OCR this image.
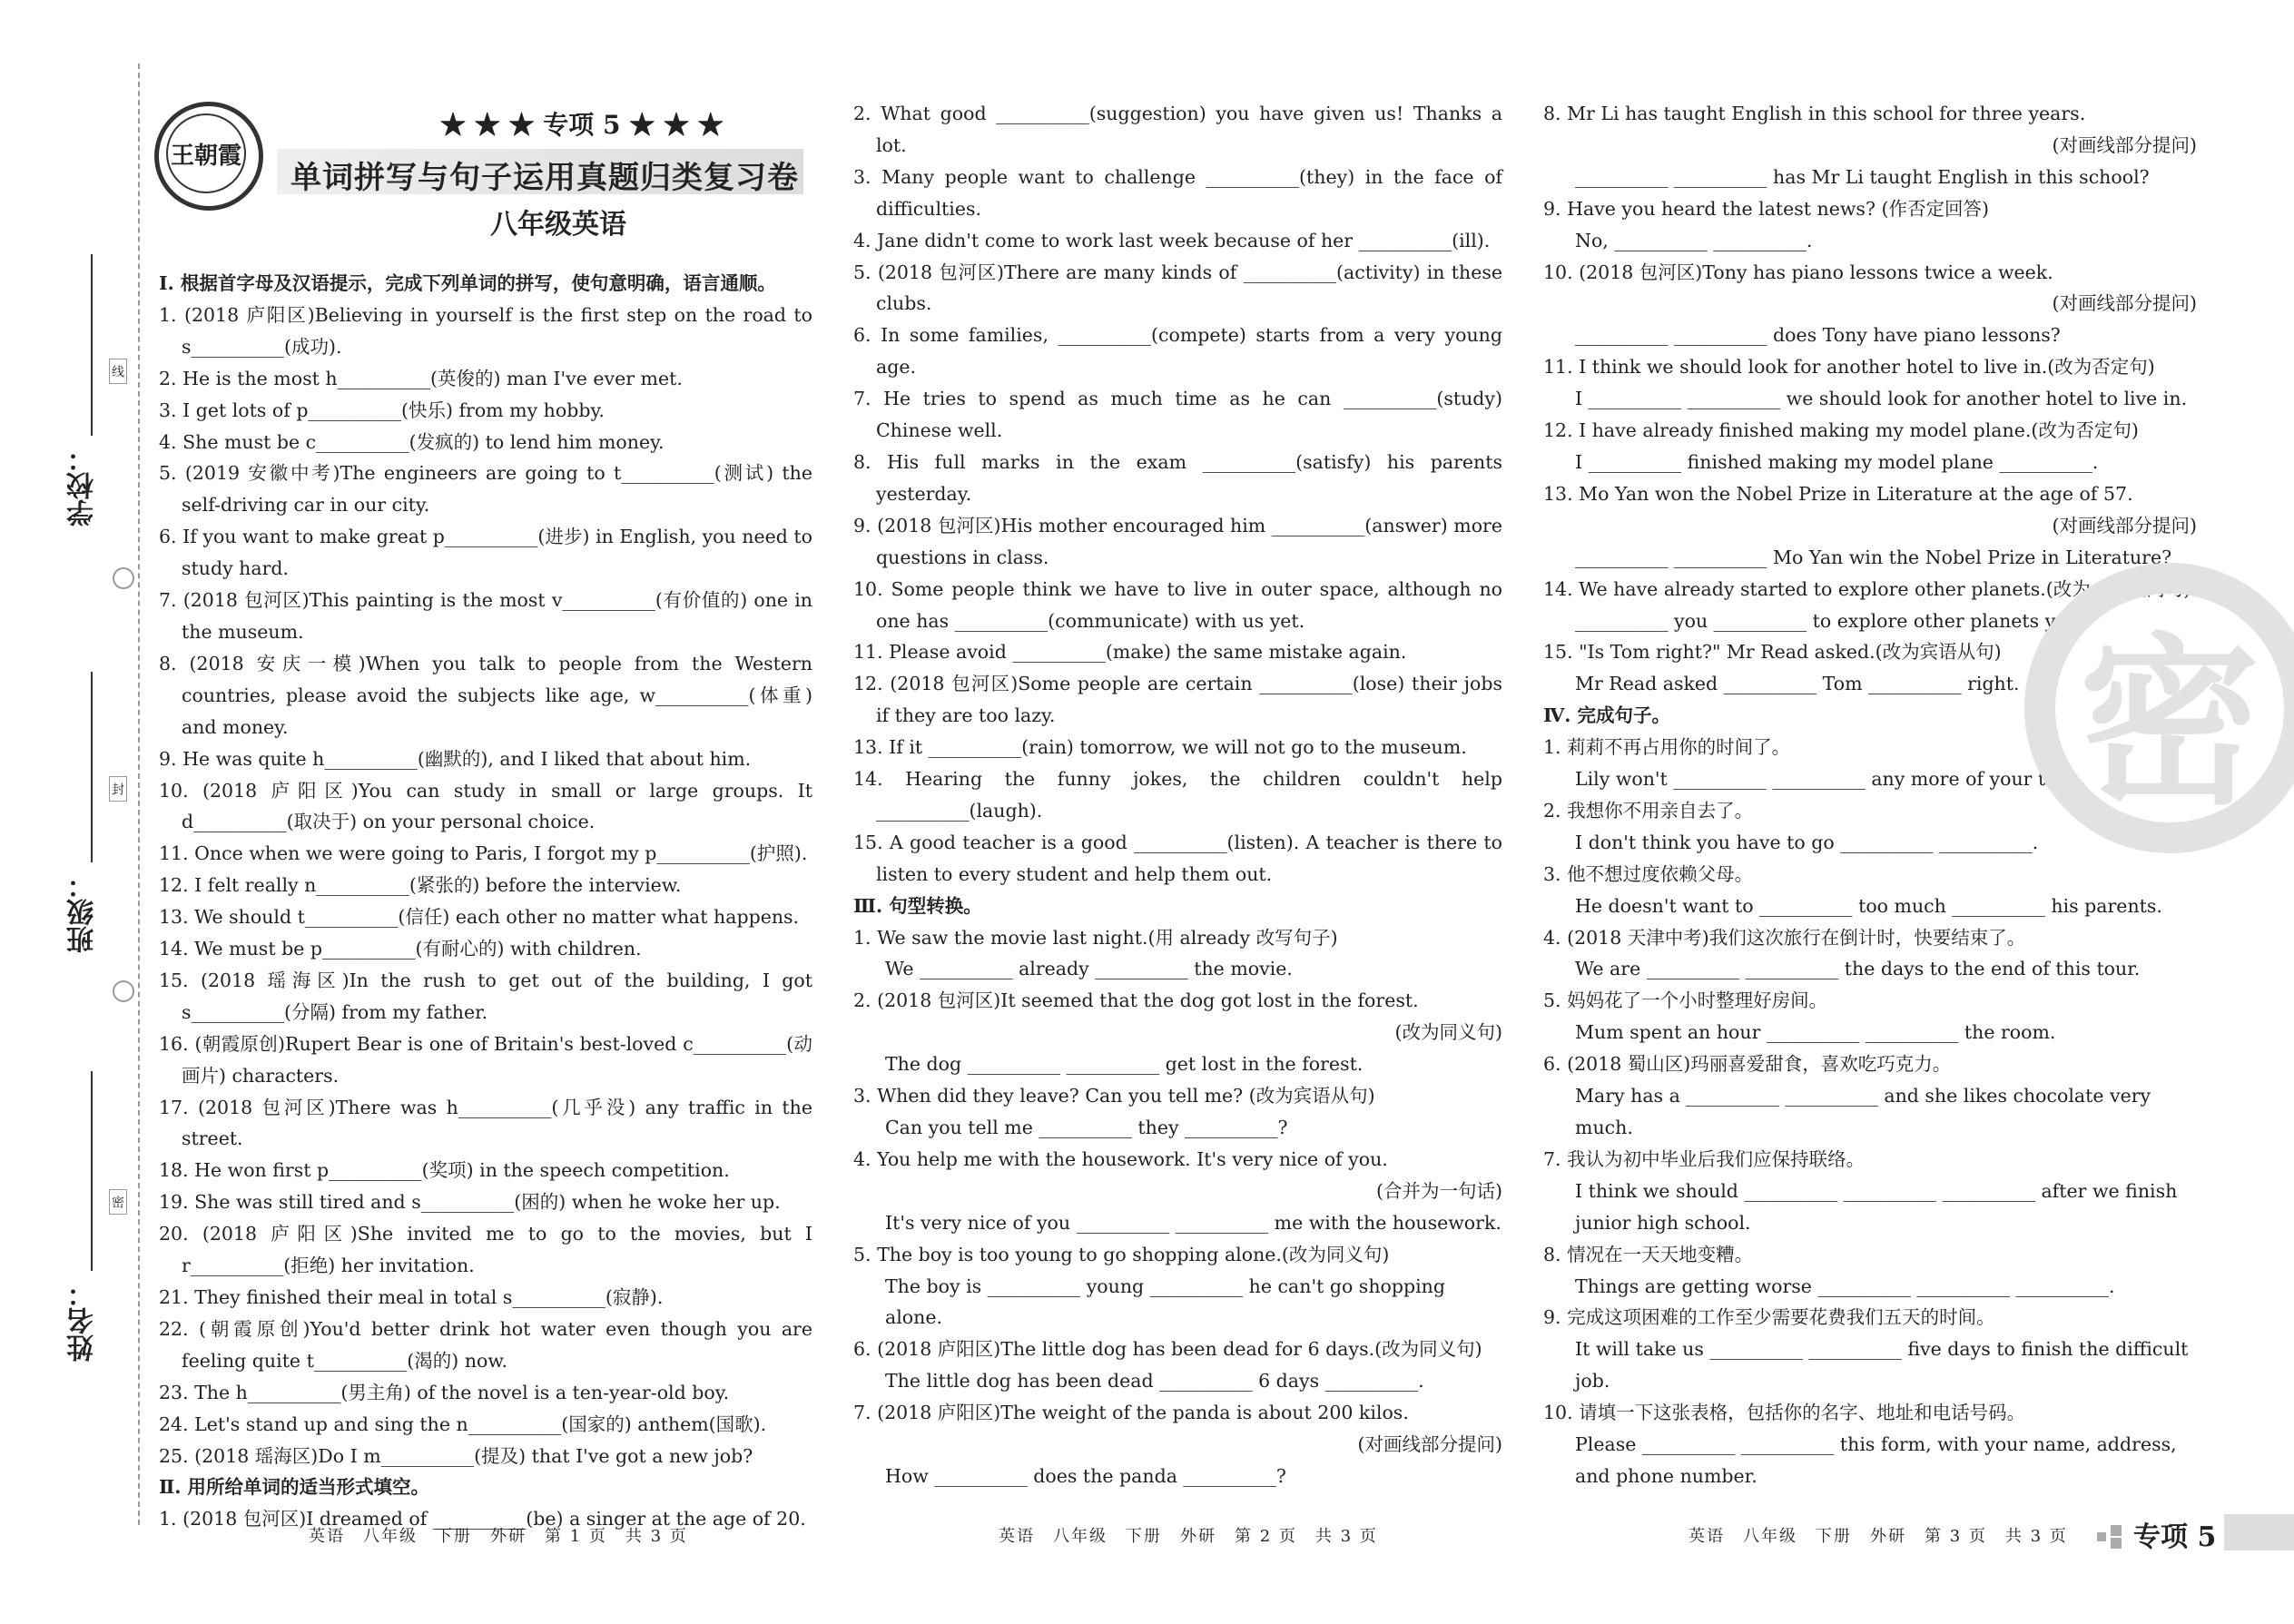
学校：
班级：
姓名：
线
封
密
王朝霞
★ ★ ★ 专项 5 ★ ★ ★
单词拼写与句子运用真题归类复习卷
八年级英语
Ⅰ. 根据首字母及汉语提示，完成下列单词的拼写，使句意明确，语言通顺。
1. (2018 庐阳区)Believing in yourself is the first step on the road to s__________(成功).
2. He is the most h__________(英俊的) man I've ever met.
3. I get lots of p__________(快乐) from my hobby.
4. She must be c__________(发疯的) to lend him money.
5. (2019 安徽中考)The engineers are going to t__________(测试) the self-driving car in our city.
6. If you want to make great p__________(进步) in English, you need to study hard.
7. (2018 包河区)This painting is the most v__________(有价值的) one in the museum.
8. (2018 安庆一模)When you talk to people from the Western countries, please avoid the subjects like age, w__________(体重) and money.
9. He was quite h__________(幽默的), and I liked that about him.
10. (2018 庐阳区)You can study in small or large groups. It d__________(取决于) on your personal choice.
11. Once when we were going to Paris, I forgot my p__________(护照).
12. I felt really n__________(紧张的) before the interview.
13. We should t__________(信任) each other no matter what happens.
14. We must be p__________(有耐心的) with children.
15. (2018 瑶海区)In the rush to get out of the building, I got s__________(分隔) from my father.
16. (朝霞原创)Rupert Bear is one of Britain's best-loved c__________(动画片) characters.
17. (2018 包河区)There was h__________(几乎没) any traffic in the street.
18. He won first p__________(奖项) in the speech competition.
19. She was still tired and s__________(困的) when he woke her up.
20. (2018 庐阳区)She invited me to go to the movies, but I r__________(拒绝) her invitation.
21. They finished their meal in total s__________(寂静).
22. (朝霞原创)You'd better drink hot water even though you are feeling quite t__________(渴的) now.
23. The h__________(男主角) of the novel is a ten-year-old boy.
24. Let's stand up and sing the n__________(国家的) anthem(国歌).
25. (2018 瑶海区)Do I m__________(提及) that I've got a new job?
Ⅱ. 用所给单词的适当形式填空。
1. (2018 包河区)I dreamed of __________(be) a singer at the age of 20.
2. What good __________(suggestion) you have given us! Thanks a lot.
3. Many people want to challenge __________(they) in the face of difficulties.
4. Jane didn't come to work last week because of her __________(ill).
5. (2018 包河区)There are many kinds of __________(activity) in these clubs.
6. In some families, __________(compete) starts from a very young age.
7. He tries to spend as much time as he can __________(study) Chinese well.
8. His full marks in the exam __________(satisfy) his parents yesterday.
9. (2018 包河区)His mother encouraged him __________(answer) more questions in class.
10. Some people think we have to live in outer space, although no one has __________(communicate) with us yet.
11. Please avoid __________(make) the same mistake again.
12. (2018 包河区)Some people are certain __________(lose) their jobs if they are too lazy.
13. If it __________(rain) tomorrow, we will not go to the museum.
14. Hearing the funny jokes, the children couldn't help __________(laugh).
15. A good teacher is a good __________(listen). A teacher is there to listen to every student and help them out.
Ⅲ. 句型转换。
1. We saw the movie last night.(用 already 改写句子)
We __________ already __________ the movie.
2. (2018 包河区)It seemed that the dog got lost in the forest.
(改为同义句)
The dog __________ __________ get lost in the forest.
3. When did they leave? Can you tell me? (改为宾语从句)
Can you tell me __________ they __________?
4. You help me with the housework. It's very nice of you.
(合并为一句话)
It's very nice of you __________ __________ me with the housework.
5. The boy is too young to go shopping alone.(改为同义句)
The boy is __________ young __________ he can't go shopping alone.
6. (2018 庐阳区)The little dog has been dead for 6 days.(改为同义句)
The little dog has been dead __________ 6 days __________.
7. (2018 庐阳区)The weight of the panda is about 200 kilos.
(对画线部分提问)
How __________ does the panda __________?
8. Mr Li has taught English in this school for three years.
(对画线部分提问)
__________ __________ has Mr Li taught English in this school?
9. Have you heard the latest news? (作否定回答)
No, __________ __________.
10. (2018 包河区)Tony has piano lessons twice a week.
(对画线部分提问)
__________ __________ does Tony have piano lessons?
11. I think we should look for another hotel to live in.(改为否定句)
I __________ __________ we should look for another hotel to live in.
12. I have already finished making my model plane.(改为否定句)
I __________ finished making my model plane __________.
13. Mo Yan won the Nobel Prize in Literature at the age of 57.
(对画线部分提问)
__________ __________ Mo Yan win the Nobel Prize in Literature?
14. We have already started to explore other planets.(改为一般疑问句)
__________ you __________ to explore other planets yet?
15. "Is Tom right?" Mr Read asked.(改为宾语从句)
Mr Read asked __________ Tom __________ right.
Ⅳ. 完成句子。
1. 莉莉不再占用你的时间了。
Lily won't __________ __________ any more of your time.
2. 我想你不用亲自去了。
I don't think you have to go __________ __________.
3. 他不想过度依赖父母。
He doesn't want to __________ too much __________ his parents.
4. (2018 天津中考)我们这次旅行在倒计时，快要结束了。
We are __________ __________ the days to the end of this tour.
5. 妈妈花了一个小时整理好房间。
Mum spent an hour __________ __________ the room.
6. (2018 蜀山区)玛丽喜爱甜食，喜欢吃巧克力。
Mary has a __________ __________ and she likes chocolate very much.
7. 我认为初中毕业后我们应保持联络。
I think we should __________ __________ __________ after we finish junior high school.
8. 情况在一天天地变糟。
Things are getting worse __________ __________ __________.
9. 完成这项困难的工作至少需要花费我们五天的时间。
It will take us __________ __________ five days to finish the difficult job.
10. 请填一下这张表格，包括你的名字、地址和电话号码。
Please __________ __________ this form, with your name, address, and phone number.
密
英语　八年级　下册　外研　第 1 页　共 3 页	英语　八年级　下册　外研　第 2 页　共 3 页	英语　八年级　下册　外研　第 3 页　共 3 页 专项 5
